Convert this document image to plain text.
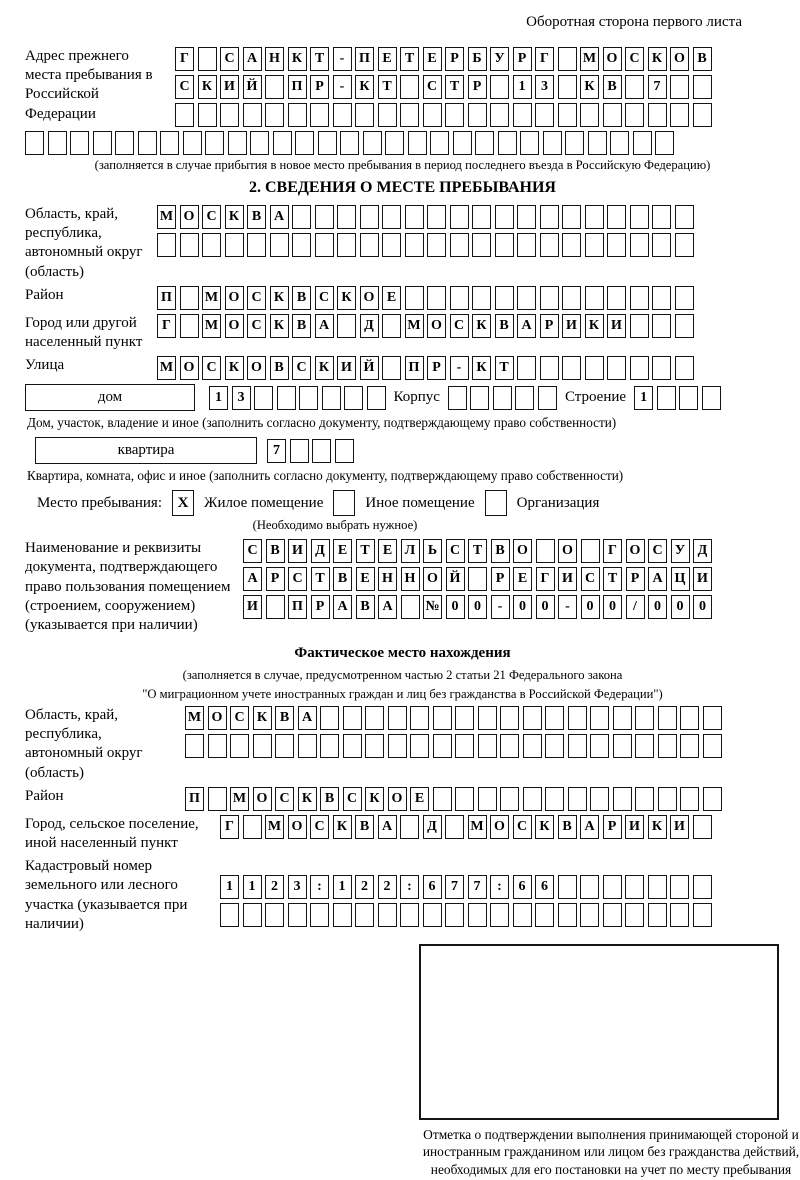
Оборотная сторона первого листа
Адрес прежнего места пребывания в Российской Федерации
Г	С А Н К Т	-	П Е Т Е Р Б У Р Г	М О С К О В
С К И Й П Р	-	К Т	С Т Р	1	3	К В	7
(заполняется в случае прибытия в новое место пребывания в период последнего въезда в Российскую Федерацию)
2. СВЕДЕНИЯ О МЕСТЕ ПРЕБЫВАНИЯ
Область, край, республика, автономный округ (область)
М О С К В А
Район	П М О С К В С К О Е
Город или другой населенный пункт
Г	М О С К В А	Д	М О С К В А Р И К И
Улица	М О С К О В С К И Й П Р	-	К Т
дом	1	3	Корпус	Строение	1
Дом, участок, владение и иное (заполнить согласно документу, подтверждающему право собственности)
квартира	7
Квартира, комната, офис и иное (заполнить согласно документу, подтверждающему право собственности)
Место пребывания:	X	Жилое помещение	Иное помещение	Организация
(Необходимо выбрать нужное)
Наименование и реквизиты документа, подтверждающего право пользования помещением (строением, сооружением) (указывается при наличии)
С В И Д Е Т Е Л Ь С Т В О О	Г О С У Д
А Р С Т В Е Н Н О Й	Р Е Г И С Т Р А Ц И
И П Р А В А	№ 0	0	-	0	0	-	0	0	/	0	0	0
Фактическое место нахождения
(заполняется в случае, предусмотренном частью 2 статьи 21 Федерального закона
"О миграционном учете иностранных граждан и лиц без гражданства в Российской Федерации")
Область, край, республика, автономный округ (область)
М О С К В А
Район	П М О С К В С К О Е
Город, сельское поселение, иной населенный пункт
Г	М О С К В А	Д	М О С К В А Р И К И
Кадастровый номер земельного или лесного участка (указывается при наличии)
1	1	2	3	:	1	2	2	:	6	7	7	:	6	6
Отметка о подтверждении выполнения принимающей стороной и иностранным гражданином или лицом без гражданства действий, необходимых для его постановки на учет по месту пребывания
